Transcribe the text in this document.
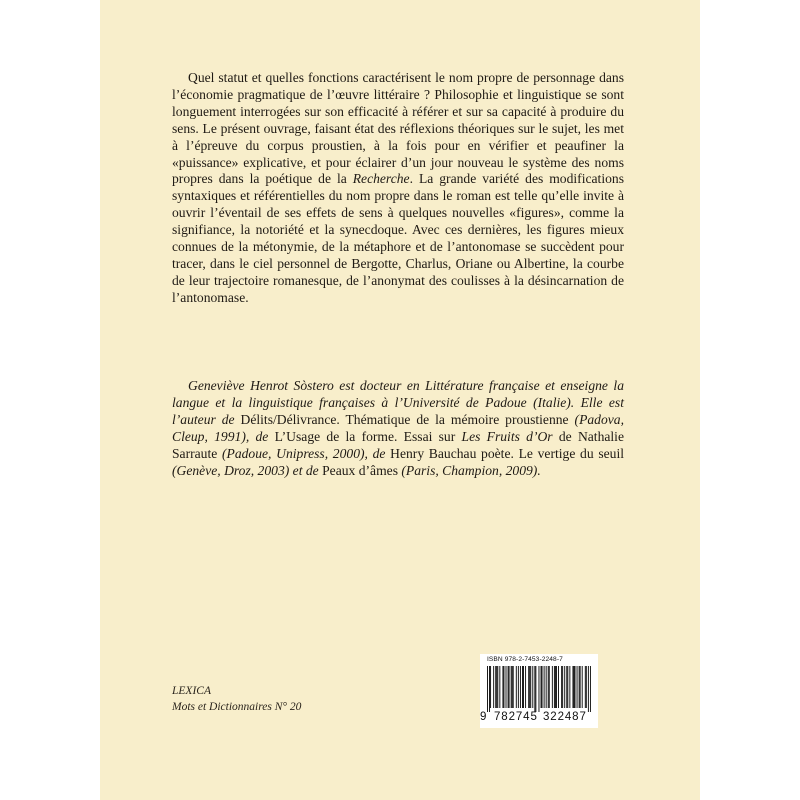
Quel statut et quelles fonctions caractérisent le nom propre de personnage dans l’économie pragmatique de l’œuvre littéraire ? Philosophie et linguistique se sont longuement interrogées sur son efficacité à référer et sur sa capacité à produire du sens. Le présent ouvrage, faisant état des réflexions théoriques sur le sujet, les met à l’épreuve du corpus proustien, à la fois pour en vérifier et peaufiner la «puissance» explicative, et pour éclairer d’un jour nouveau le système des noms propres dans la poétique de la Recherche. La grande variété des modifications syntaxiques et référentielles du nom propre dans le roman est telle qu’elle invite à ouvrir l’éventail de ses effets de sens à quelques nouvelles «figures», comme la signifiance, la notoriété et la synecdoque. Avec ces dernières, les figures mieux connues de la métonymie, de la métaphore et de l’antonomase se succèdent pour tracer, dans le ciel personnel de Bergotte, Charlus, Oriane ou Albertine, la courbe de leur trajectoire romanesque, de l’anonymat des coulisses à la désincarnation de l’antonomase.

Geneviève Henrot Sòstero est docteur en Littérature française et enseigne la langue et la linguistique françaises à l’Université de Padoue (Italie). Elle est l’auteur de Délits/Délivrance. Thématique de la mémoire proustienne (Padova, Cleup, 1991), de L’Usage de la forme. Essai sur Les Fruits d’Or de Nathalie Sarraute (Padoue, Unipress, 2000), de Henry Bauchau poète. Le vertige du seuil (Genève, Droz, 2003) et de Peaux d’âmes (Paris, Champion, 2009).

LEXICA
Mots et Dictionnaires N° 20
ISBN 978-2-7453-2248-7
9 782745 322487
